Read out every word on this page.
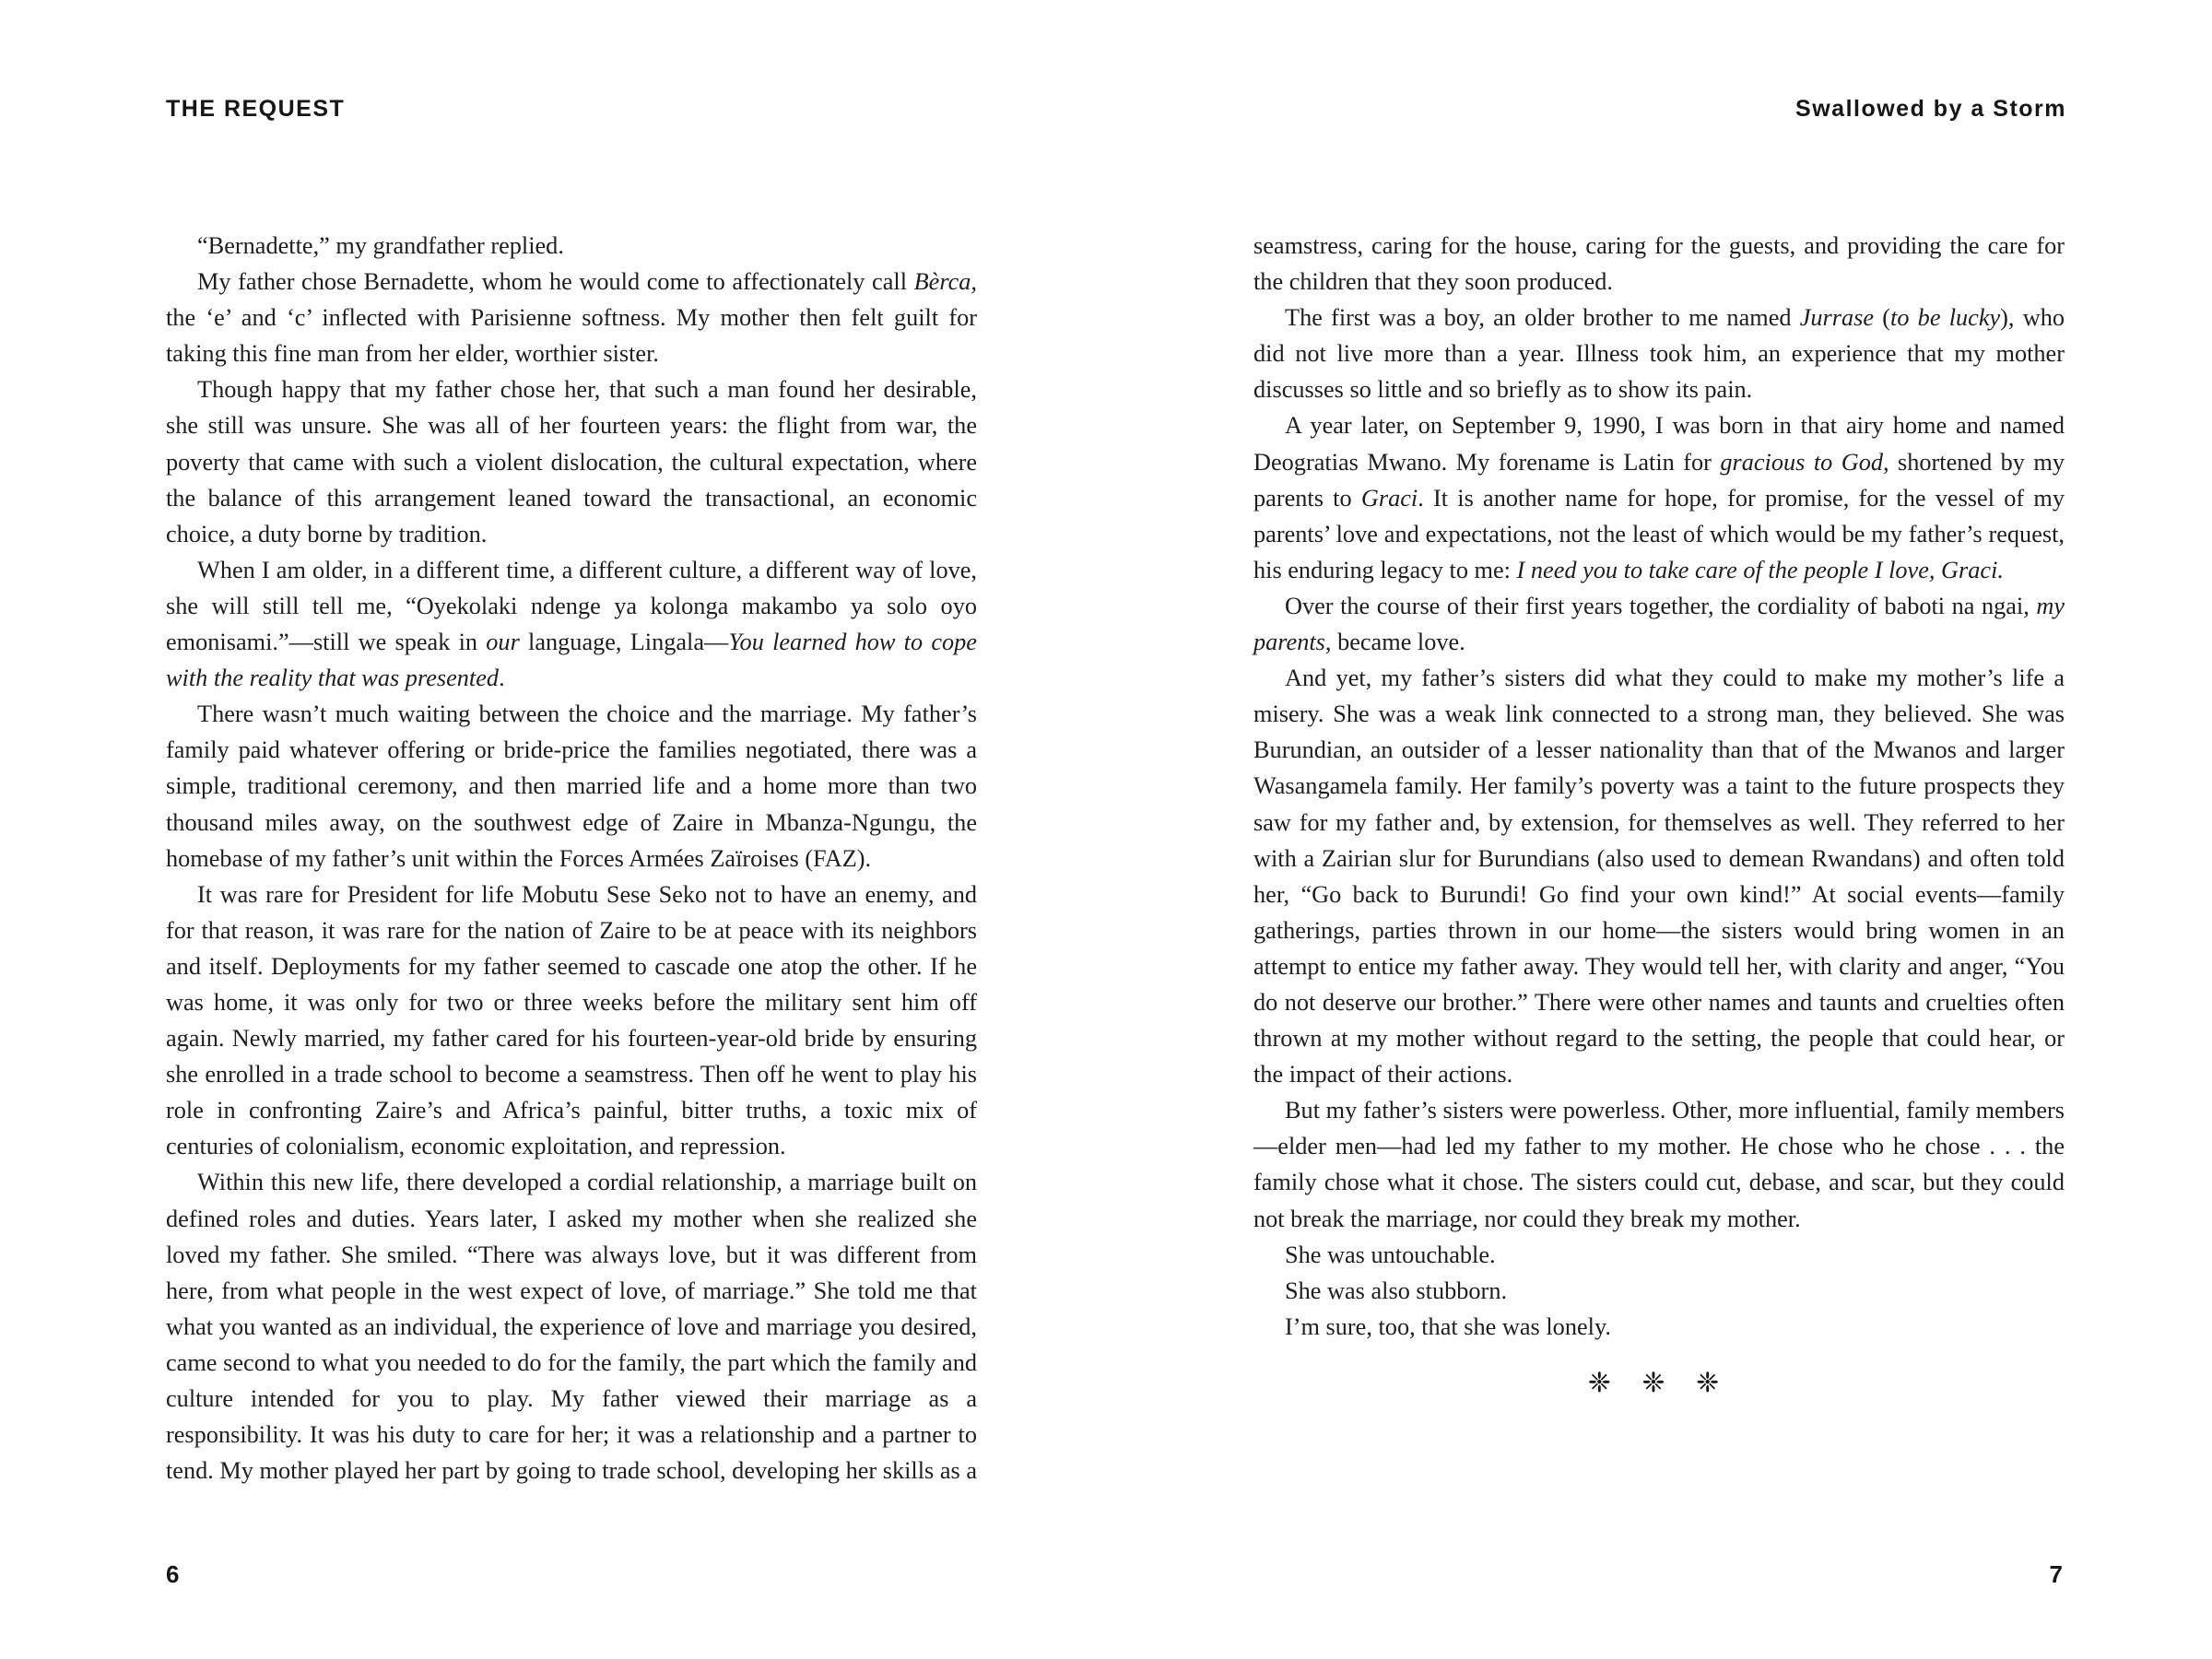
THE REQUEST

“Bernadette,” my grandfather replied.

My father chose Bernadette, whom he would come to affectionately call Bèrca, the ‘e’ and ‘c’ inflected with Parisienne softness. My mother then felt guilt for taking this fine man from her elder, worthier sister.

Though happy that my father chose her, that such a man found her desirable, she still was unsure. She was all of her fourteen years: the flight from war, the poverty that came with such a violent dislocation, the cultural expectation, where the balance of this arrangement leaned toward the transactional, an economic choice, a duty borne by tradition.

When I am older, in a different time, a different culture, a different way of love, she will still tell me, “Oyekolaki ndenge ya kolonga makambo ya solo oyo emonisami.”—still we speak in our language, Lingala—You learned how to cope with the reality that was presented.

There wasn’t much waiting between the choice and the marriage. My father’s family paid whatever offering or bride-price the families negotiated, there was a simple, traditional ceremony, and then married life and a home more than two thousand miles away, on the southwest edge of Zaire in Mbanza-Ngungu, the homebase of my father’s unit within the Forces Armées Zaïroises (FAZ).

It was rare for President for life Mobutu Sese Seko not to have an enemy, and for that reason, it was rare for the nation of Zaire to be at peace with its neighbors and itself. Deployments for my father seemed to cascade one atop the other. If he was home, it was only for two or three weeks before the military sent him off again. Newly married, my father cared for his fourteen-year-old bride by ensuring she enrolled in a trade school to become a seamstress. Then off he went to play his role in confronting Zaire’s and Africa’s painful, bitter truths, a toxic mix of centuries of colonialism, economic exploitation, and repression.

Within this new life, there developed a cordial relationship, a marriage built on defined roles and duties. Years later, I asked my mother when she realized she loved my father. She smiled. “There was always love, but it was different from here, from what people in the west expect of love, of marriage.” She told me that what you wanted as an individual, the experience of love and marriage you desired, came second to what you needed to do for the family, the part which the family and culture intended for you to play. My father viewed their marriage as a responsibility. It was his duty to care for her; it was a relationship and a partner to tend. My mother played her part by going to trade school, developing her skills as a

6
Swallowed by a Storm

seamstress, caring for the house, caring for the guests, and providing the care for the children that they soon produced.

The first was a boy, an older brother to me named Jurrase (to be lucky), who did not live more than a year. Illness took him, an experience that my mother discusses so little and so briefly as to show its pain.

A year later, on September 9, 1990, I was born in that airy home and named Deogratias Mwano. My forename is Latin for gracious to God, shortened by my parents to Graci. It is another name for hope, for promise, for the vessel of my parents’ love and expectations, not the least of which would be my father’s request, his enduring legacy to me: I need you to take care of the people I love, Graci.

Over the course of their first years together, the cordiality of baboti na ngai, my parents, became love.

And yet, my father’s sisters did what they could to make my mother’s life a misery. She was a weak link connected to a strong man, they believed. She was Burundian, an outsider of a lesser nationality than that of the Mwanos and larger Wasangamela family. Her family’s poverty was a taint to the future prospects they saw for my father and, by extension, for themselves as well. They referred to her with a Zairian slur for Burundians (also used to demean Rwandans) and often told her, “Go back to Burundi! Go find your own kind!” At social events—family gatherings, parties thrown in our home—the sisters would bring women in an attempt to entice my father away. They would tell her, with clarity and anger, “You do not deserve our brother.” There were other names and taunts and cruelties often thrown at my mother without regard to the setting, the people that could hear, or the impact of their actions.

But my father’s sisters were powerless. Other, more influential, family members—elder men—had led my father to my mother. He chose who he chose . . . the family chose what it chose. The sisters could cut, debase, and scar, but they could not break the marriage, nor could they break my mother.

She was untouchable.

She was also stubborn.

I’m sure, too, that she was lonely.

❈ ❈ ❈

7
